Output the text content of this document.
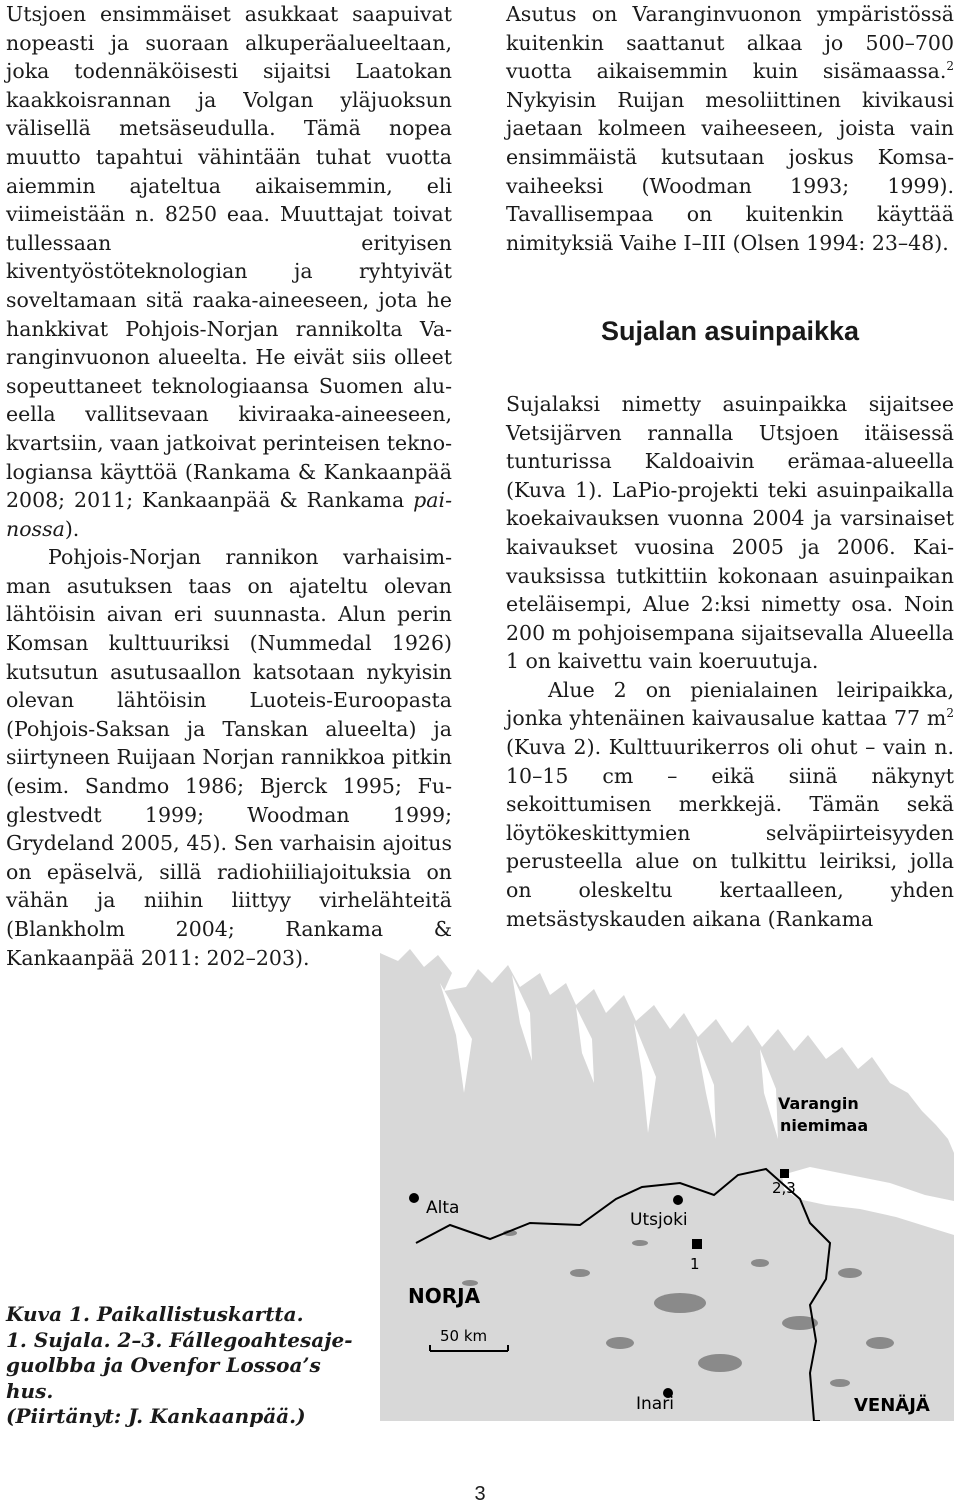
Utsjoen ensimmäiset asukkaat saapuivat nopeasti ja suoraan alkuperäalueeltaan, joka todennäköisesti sijaitsi Laatokan kaakkoisrannan ja Volgan yläjuoksun välisellä metsäseudulla. Tämä nopea muutto tapahtui vähintään tuhat vuotta aiemmin ajateltua aikaisemmin, eli viimeistään n. 8250 eaa. Muuttajat toivat tullessaan erityisen kiventyöstöteknologian ja ryhtyivät soveltamaan sitä raaka-aineeseen, jota he hankkivat Pohjois-Norjan rannikolta Varanginvuonon alueelta. He eivät siis olleet sopeuttaneet teknologiaansa Suomen alueella vallitsevaan kiviraaka-aineeseen, kvartsiin, vaan jatkoivat perinteisen teknologiansa käyttöä (Rankama & Kankaanpää 2008; 2011; Kankaanpää & Rankama painossa).

Pohjois-Norjan rannikon varhaisimman asutuksen taas on ajateltu olevan lähtöisin aivan eri suunnasta. Alun perin Komsan kulttuuriksi (Nummedal 1926) kutsutun asutusaallon katsotaan nykyisin olevan lähtöisin Luoteis-Euroopasta (Pohjois-Saksan ja Tanskan alueelta) ja siirtyneen Ruijaan Norjan rannikkoa pitkin (esim. Sandmo 1986; Bjerck 1995; Fuglestvedt 1999; Woodman 1999; Grydeland 2005, 45). Sen varhaisin ajoitus on epäselvä, sillä radiohiiliajoituksia on vähän ja niihin liittyy virhelähteitä (Blankholm 2004; Rankama & Kankaanpää 2011: 202–203).

Asutus on Varanginvuonon ympäristössä kuitenkin saattanut alkaa jo 500–700 vuotta aikaisemmin kuin sisämaassa.$^2$ Nykyisin Ruijan mesoliittinen kivikausi jaetaan kolmeen vaiheeseen, joista vain ensimmäistä kutsutaan joskus Komsa-vaiheeksi (Woodman 1993; 1999). Tavallisempaa on kuitenkin käyttää nimityksiä Vaihe I–III (Olsen 1994: 23–48).

Sujalan asuinpaikka

Sujalaksi nimetty asuinpaikka sijaitsee Vetsijärven rannalla Utsjoen itäisessä tunturissa Kaldoaivin erämaa-alueella (Kuva 1). LaPio-projekti teki asuinpaikalla koekaivauksen vuonna 2004 ja varsinaiset kaivaukset vuosina 2005 ja 2006. Kaivauksissa tutkittiin kokonaan asuinpaikan eteläisempi, Alue 2:ksi nimetty osa. Noin 200 m pohjoisempana sijaitsevalla Alueella 1 on kaivettu vain koeruutuja.

Alue 2 on pienialainen leiripaikka, jonka yhtenäinen kaivausalue kattaa 77 $m^2$ (Kuva 2). Kulttuurikerros oli ohut – vain n. 10–15 cm – eikä siinä näkynyt sekoittumisen merkkejä. Tämän sekä löytökeskittymien selväpiirteisyyden perusteella alue on tulkittu leiriksi, jolla on oleskeltu kertaalleen, yhden metsästyskauden aikana (Rankama

50 km
Alta
Utsjoki
Inari
1
2,3
NORJA
VENÄJÄ
Varangin
niemimaa
Varanginvuono
Kuva 1. Paikallistuskartta.
1. Sujala. 2–3. Fállegoahtesaje-
guolbba ja Ovenfor Lossoa’s hus.
(Piirtänyt: J. Kankaanpää.)
3
